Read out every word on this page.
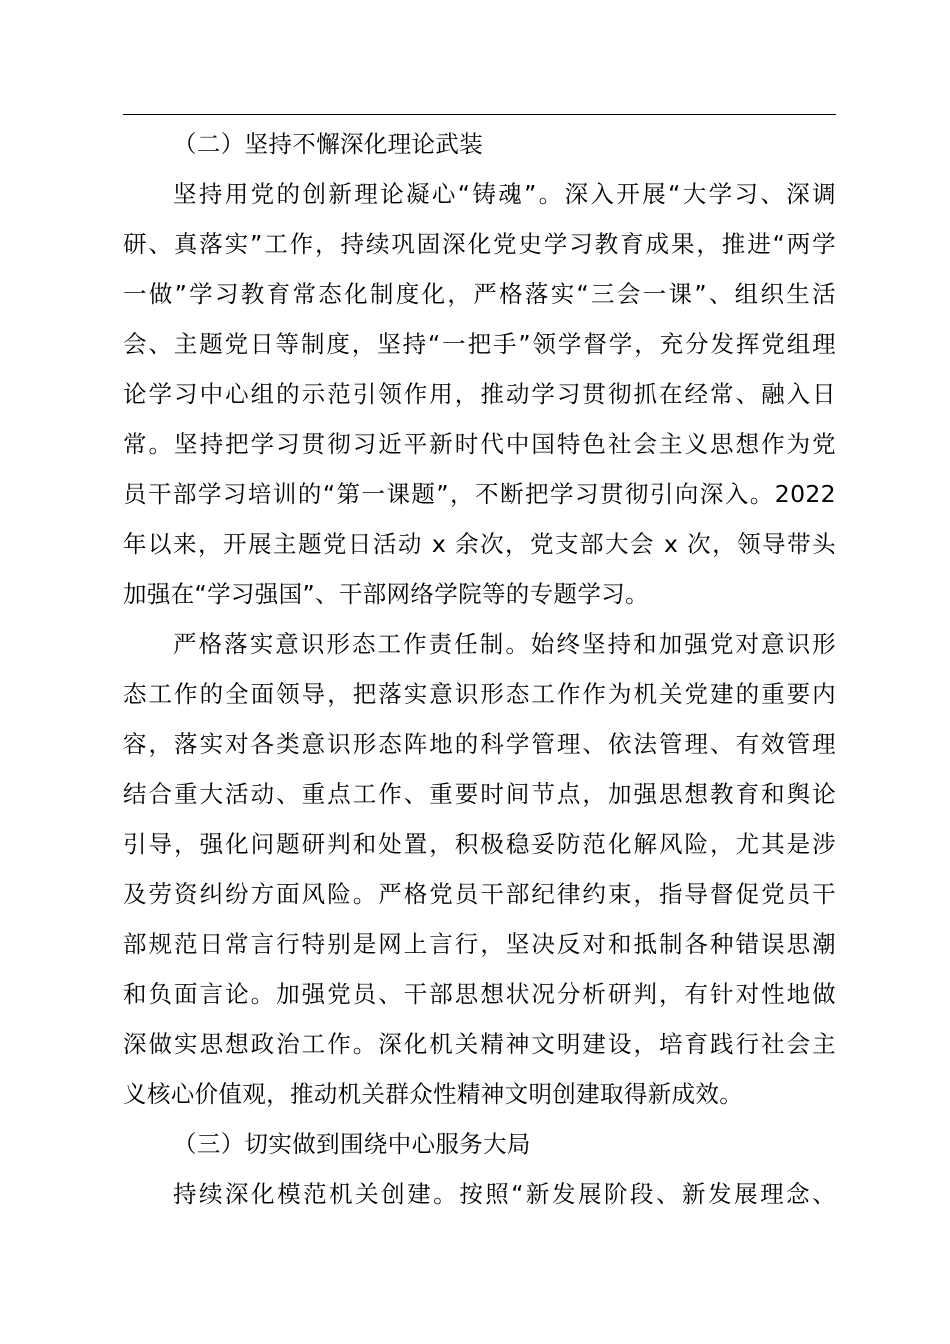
（二）坚持不懈深化理论武装
坚持用党的创新理论凝心“铸魂”。深入开展“大学习、深调
研、真落实”工作，持续巩固深化党史学习教育成果，推进“两学
一做”学习教育常态化制度化，严格落实“三会一课”、组织生活
会、主题党日等制度，坚持“一把手”领学督学，充分发挥党组理
论学习中心组的示范引领作用，推动学习贯彻抓在经常、融入日
常。坚持把学习贯彻习近平新时代中国特色社会主义思想作为党
员干部学习培训的“第一课题”，不断把学习贯彻引向深入。2022
年以来，开展主题党日活动 x 余次，党支部大会 x 次，领导带头
加强在“学习强国”、干部网络学院等的专题学习。
严格落实意识形态工作责任制。始终坚持和加强党对意识形
态工作的全面领导，把落实意识形态工作作为机关党建的重要内
容，落实对各类意识形态阵地的科学管理、依法管理、有效管理
结合重大活动、重点工作、重要时间节点，加强思想教育和舆论
引导，强化问题研判和处置，积极稳妥防范化解风险，尤其是涉
及劳资纠纷方面风险。严格党员干部纪律约束，指导督促党员干
部规范日常言行特别是网上言行，坚决反对和抵制各种错误思潮
和负面言论。加强党员、干部思想状况分析研判，有针对性地做
深做实思想政治工作。深化机关精神文明建设，培育践行社会主
义核心价值观，推动机关群众性精神文明创建取得新成效。
（三）切实做到围绕中心服务大局
持续深化模范机关创建。按照“新发展阶段、新发展理念、
